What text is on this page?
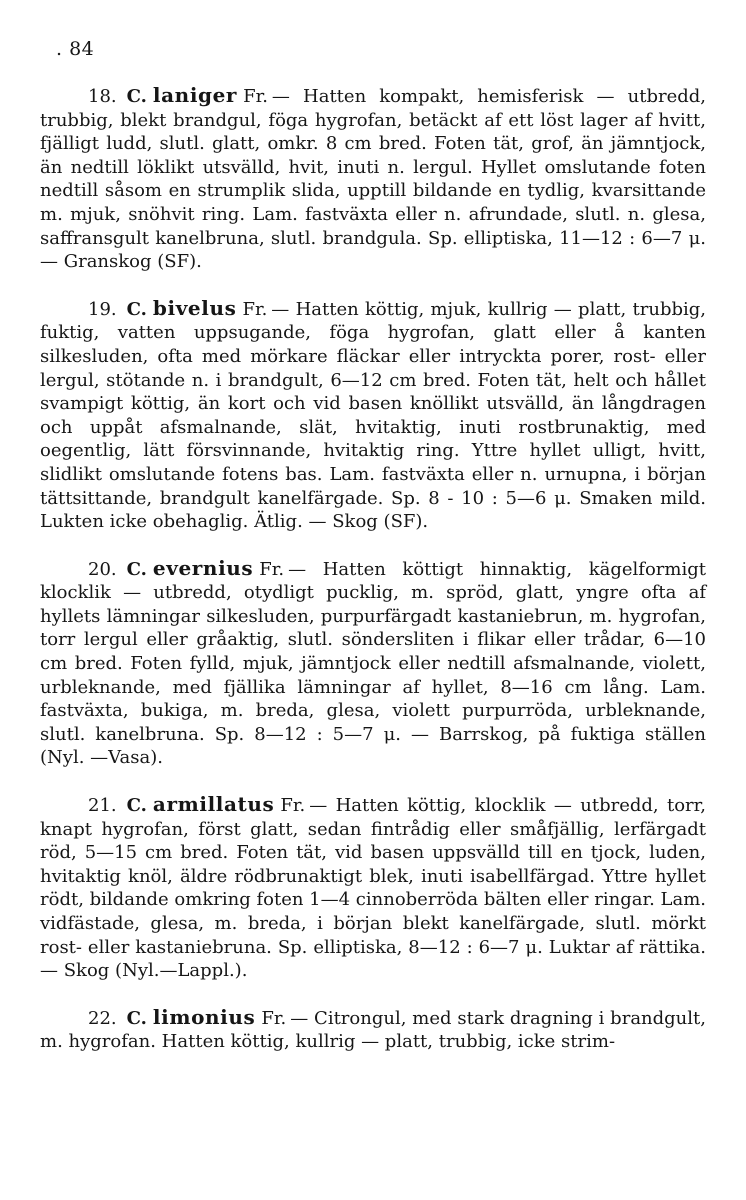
. 84

18. C. laniger Fr. — Hatten kompakt, hemisferisk — utbredd, trubbig, blekt brandgul, föga hygrofan, betäckt af ett löst lager af hvitt, fjälligt ludd, slutl. glatt, omkr. 8 cm bred. Foten tät, grof, än jämntjock, än nedtill löklikt utsvälld, hvit, inuti n. lergul. Hyllet omslutande foten nedtill såsom en strumplik slida, upptill bildande en tydlig, kvarsittande m. mjuk, snöhvit ring. Lam. fastväxta eller n. afrundade, slutl. n. glesa, saffransgult kanelbruna, slutl. brandgula. Sp. elliptiska, 11—12 : 6—7 μ. — Granskog (SF).

19. C. bivelus Fr. — Hatten köttig, mjuk, kullrig — platt, trubbig, fuktig, vatten uppsugande, föga hygrofan, glatt eller å kanten silkesluden, ofta med mörkare fläckar eller intryckta porer, rost- eller lergul, stötande n. i brandgult, 6—12 cm bred. Foten tät, helt och hållet svampigt köttig, än kort och vid basen knöllikt utsvälld, än långdragen och uppåt afsmalnande, slät, hvitaktig, inuti rostbrunaktig, med oegentlig, lätt försvinnande, hvitaktig ring. Yttre hyllet ulligt, hvitt, slidlikt omslutande fotens bas. Lam. fastväxta eller n. urnupna, i början tättsittande, brandgult kanelfärgade. Sp. 8 - 10 : 5—6 μ. Smaken mild. Lukten icke obehaglig. Ätlig. — Skog (SF).

20. C. evernius Fr. — Hatten köttigt hinnaktig, kägelformigt klocklik — utbredd, otydligt pucklig, m. spröd, glatt, yngre ofta af hyllets lämningar silkesluden, purpurfärgadt kastaniebrun, m. hygrofan, torr lergul eller gråaktig, slutl. söndersliten i flikar eller trådar, 6—10 cm bred. Foten fylld, mjuk, jämntjock eller nedtill afsmalnande, violett, urbleknande, med fjällika lämningar af hyllet, 8—16 cm lång. Lam. fastväxta, bukiga, m. breda, glesa, violett purpurröda, urbleknande, slutl. kanelbruna. Sp. 8—12 : 5—7 μ. — Barrskog, på fuktiga ställen (Nyl. —Vasa).

21. C. armillatus Fr. — Hatten köttig, klocklik — utbredd, torr, knapt hygrofan, först glatt, sedan fintrådig eller småfjällig, lerfärgadt röd, 5—15 cm bred. Foten tät, vid basen uppsvälld till en tjock, luden, hvitaktig knöl, äldre rödbrunaktigt blek, inuti isabellfärgad. Yttre hyllet rödt, bildande omkring foten 1—4 cinnoberröda bälten eller ringar. Lam. vidfästade, glesa, m. breda, i början blekt kanelfärgade, slutl. mörkt rost- eller kastaniebruna. Sp. elliptiska, 8—12 : 6—7 μ. Luktar af rättika. — Skog (Nyl.—Lappl.).

22. C. limonius Fr. — Citrongul, med stark dragning i brandgult, m. hygrofan. Hatten köttig, kullrig — platt, trubbig, icke strim-
